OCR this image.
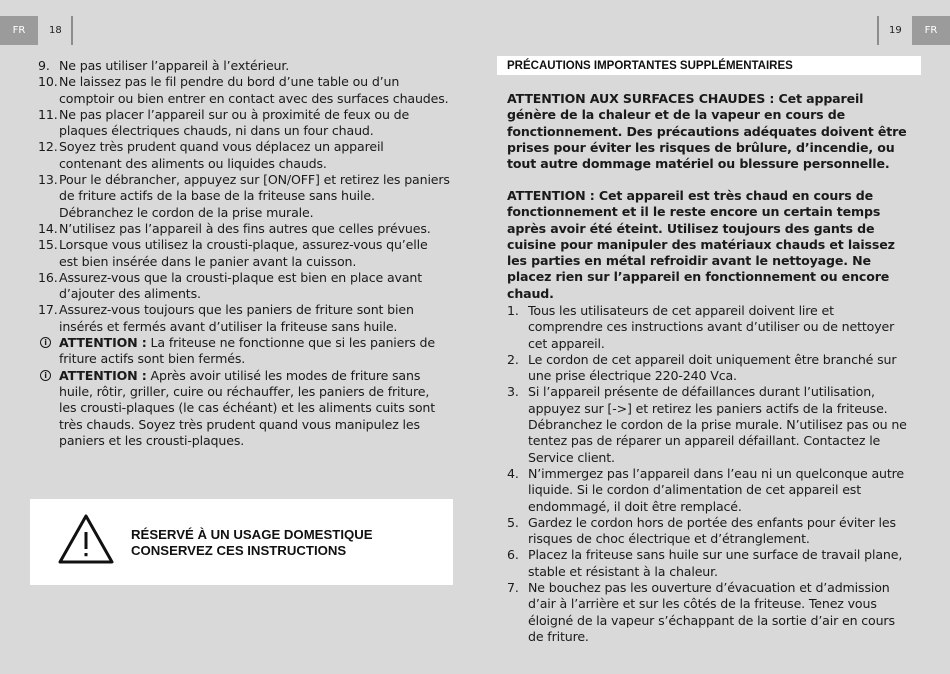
FR	18	19	FR
9. Ne pas utiliser l’appareil à l’extérieur.
10. Ne laissez pas le fil pendre du bord d’une table ou d’un comptoir ou bien entrer en contact avec des surfaces chaudes.
11. Ne pas placer l’appareil sur ou à proximité de feux ou de plaques électriques chauds, ni dans un four chaud.
12. Soyez très prudent quand vous déplacez un appareil contenant des aliments ou liquides chauds.
13. Pour le débrancher, appuyez sur [ON/OFF] et retirez les paniers de friture actifs de la base de la friteuse sans huile. Débranchez le cordon de la prise murale.
14. N’utilisez pas l’appareil à des fins autres que celles prévues.
15. Lorsque vous utilisez la crousti-plaque, assurez-vous qu’elle est bien insérée dans le panier avant la cuisson.
16. Assurez-vous que la crousti-plaque est bien en place avant d’ajouter des aliments.
17. Assurez-vous toujours que les paniers de friture sont bien insérés et fermés avant d’utiliser la friteuse sans huile.
i ATTENTION : La friteuse ne fonctionne que si les paniers de friture actifs sont bien fermés.
i ATTENTION : Après avoir utilisé les modes de friture sans huile, rôtir, griller, cuire ou réchauffer, les paniers de friture, les crousti-plaques (le cas échéant) et les aliments cuits sont très chauds. Soyez très prudent quand vous manipulez les paniers et les crousti-plaques.
RÉSERVÉ À UN USAGE DOMESTIQUE
CONSERVEZ CES INSTRUCTIONS
PRÉCAUTIONS IMPORTANTES SUPPLÉMENTAIRES
ATTENTION AUX SURFACES CHAUDES : Cet appareil génère de la chaleur et de la vapeur en cours de fonctionnement. Des précautions adéquates doivent être prises pour éviter les risques de brûlure, d’incendie, ou tout autre dommage matériel ou blessure personnelle.
ATTENTION : Cet appareil est très chaud en cours de fonctionnement et il le reste encore un certain temps après avoir été éteint. Utilisez toujours des gants de cuisine pour manipuler des matériaux chauds et laissez les parties en métal refroidir avant le nettoyage. Ne placez rien sur l’appareil en fonctionnement ou encore chaud.
1. Tous les utilisateurs de cet appareil doivent lire et comprendre ces instructions avant d’utiliser ou de nettoyer cet appareil.
2. Le cordon de cet appareil doit uniquement être branché sur une prise électrique 220-240 Vca.
3. Si l’appareil présente de défaillances durant l’utilisation, appuyez sur [->] et retirez les paniers actifs de la friteuse. Débranchez le cordon de la prise murale. N’utilisez pas ou ne tentez pas de réparer un appareil défaillant. Contactez le Service client.
4. N’immergez pas l’appareil dans l’eau ni un quelconque autre liquide. Si le cordon d’alimentation de cet appareil est endommagé, il doit être remplacé.
5. Gardez le cordon hors de portée des enfants pour éviter les risques de choc électrique et d’étranglement.
6. Placez la friteuse sans huile sur une surface de travail plane, stable et résistant à la chaleur.
7. Ne bouchez pas les ouverture d’évacuation et d’admission d’air à l’arrière et sur les côtés de la friteuse. Tenez vous éloigné de la vapeur s’échappant de la sortie d’air en cours de friture.
